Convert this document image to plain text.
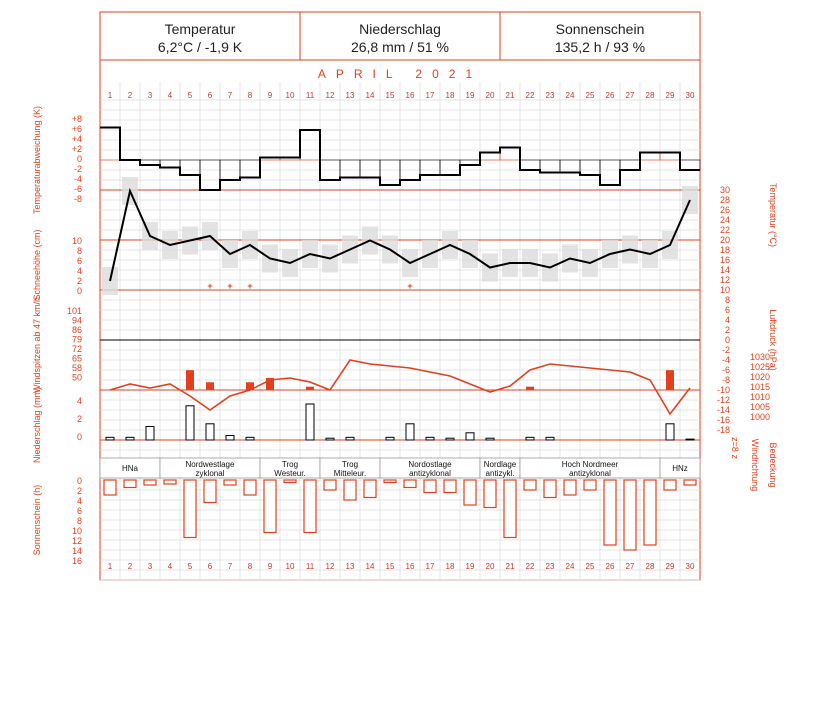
Temperatur
6,2°C / -1,9 K
Niederschlag
26,8 mm / 51 %
Sonnenschein
135,2 h / 93 %
1
1
2
2
3
3
4
4
5
5
6
6
7
7
8
8
9
9
10
10
11
11
12
12
13
13
14
14
15
15
16
16
17
17
18
18
19
19
20
20
21
21
22
22
23
23
24
24
25
25
26
26
27
27
28
28
29
29
30
30
+8
+6
+4
+2
0
-2
-4
-6
-8
30
28
26
24
22
20
18
16
14
12
10
8
6
4
2
0
-2
-4
-6
-8
-10
-12
-14
-16
-18
10
8
6
4
2
0	+ + +	+
101
94
86
79
72
65
58
50
1030
1025
1020
1015
1010
1005
1000
4
2
0
HNa	Nordwestlage
zyklonal
Trog
Westeur.
Trog
Mitteleur.
Nordostlage
antizyklonal
Nordlage
antizykl.
Hoch Nordmeer
antizyklonal
HNz
0
2
4
6
8
10
12
14
16
APRIL 2021
Temperaturabweichung (K)
Schneehöhe (cm)
Windspitzen ab 47 km/h
Niederschlag (mm)
Sonnenschein (h)
Temperatur (°C)
Luftdruck (hPa)
Windrichtung Bedeckung
z=8 z
